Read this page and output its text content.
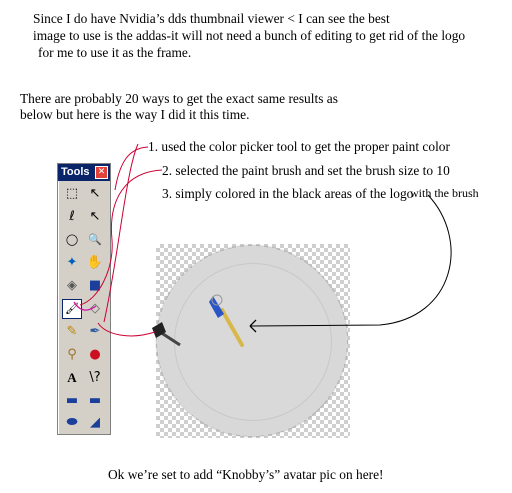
Since I do have Nvidia’s dds thumbnail viewer < I can see the best
image to use is the addas-it will not need a bunch of editing to get rid of the logo
for me to use it as the frame.
There are probably 20 ways to get the exact same results as
below but here is the way I did it this time.
1. used the color picker tool to get the proper paint color
2. selected the paint brush and set the brush size to 10
3. simply colored in the black areas of the logo
with the brush
Tools ✕
⬚ ↖
ℓ	↖
◯ 🔍
✦ ✋
◈ ■
🖌 ◇
✎ ✒
⚲ ●
A \?
▬ ▬
⬬ ◢
Ok we’re set to add “Knobby’s” avatar pic on here!
